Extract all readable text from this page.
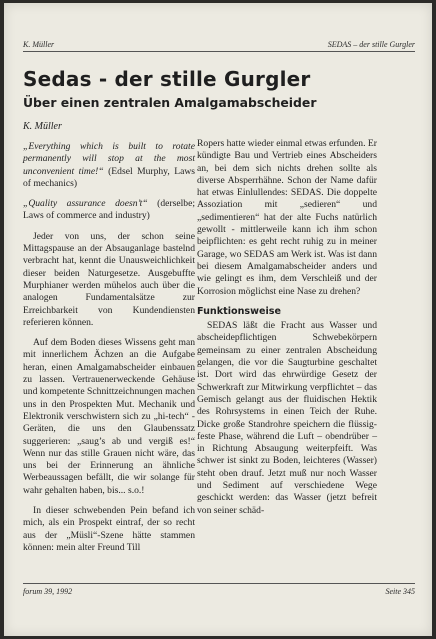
K. Müller	SEDAS – der stille Gurgler
Sedas - der stille Gurgler
Über einen zentralen Amalgamabscheider
K. Müller

„Everything which is built to rotate permanently will stop at the most unconvenient time!“ (Edsel Murphy, Laws of mechanics)

„Quality assurance doesn’t“ (derselbe; Laws of commerce and industry)

Jeder von uns, der schon seine Mittagspause an der Absauganlage bastelnd verbracht hat, kennt die Unausweichlichkeit dieser beiden Naturgesetze. Ausgebuffte Murphianer werden mühelos auch über die analogen Fundamentalsätze zur Erreichbarkeit von Kundendiensten referieren können.

Auf dem Boden dieses Wissens geht man mit innerlichem Ächzen an die Aufgabe heran, einen Amalgamabscheider einbauen zu lassen. Vertrauenerweckende Gehäuse und kompetente Schnittzeichnungen machen uns in den Prospekten Mut. Mechanik und Elektronik verschwistern sich zu „hi-tech“ - Geräten, die uns den Glaubenssatz suggerieren: „saug’s ab und vergiß es!“ Wenn nur das stille Grauen nicht wäre, das uns bei der Erinnerung an ähnliche Werbeaussagen befällt, die wir solange für wahr gehalten haben, bis... s.o.!

In dieser schwebenden Pein befand ich mich, als ein Prospekt eintraf, der so recht aus der „Müsli“-Szene hätte stammen können: mein alter Freund Till

Ropers hatte wieder einmal etwas erfunden. Er kündigte Bau und Vertrieb eines Abscheiders an, bei dem sich nichts drehen sollte als diverse Absperrhähne. Schon der Name dafür hat etwas Einlullendes: SEDAS. Die doppelte Assoziation mit „sedieren“ und „sedimentieren“ hat der alte Fuchs natürlich gewollt - mittlerweile kann ich ihm schon beipflichten: es geht recht ruhig zu in meiner Garage, wo SEDAS am Werk ist. Was ist dann bei diesem Amalgamabscheider anders und wie gelingt es ihm, dem Verschleiß und der Korrosion möglichst eine Nase zu drehen?

Funktionsweise

SEDAS läßt die Fracht aus Wasser und abscheidepflichtigen Schwebekörpern gemeinsam zu einer zentralen Abscheidung gelangen, die vor die Saugturbine geschaltet ist. Dort wird das ehrwürdige Gesetz der Schwerkraft zur Mitwirkung verpflichtet – das Gemisch gelangt aus der fluidischen Hektik des Rohrsystems in einen Teich der Ruhe. Dicke große Standrohre speichern die flüssig-feste Phase, während die Luft – obendrüber – in Richtung Absaugung weiterpfeift. Was schwer ist sinkt zu Boden, leichteres (Wasser) steht oben drauf. Jetzt muß nur noch Wasser und Sediment auf verschiedene Wege geschickt werden: das Wasser (jetzt befreit von seiner schäd-

forum 39, 1992	Seite 345
